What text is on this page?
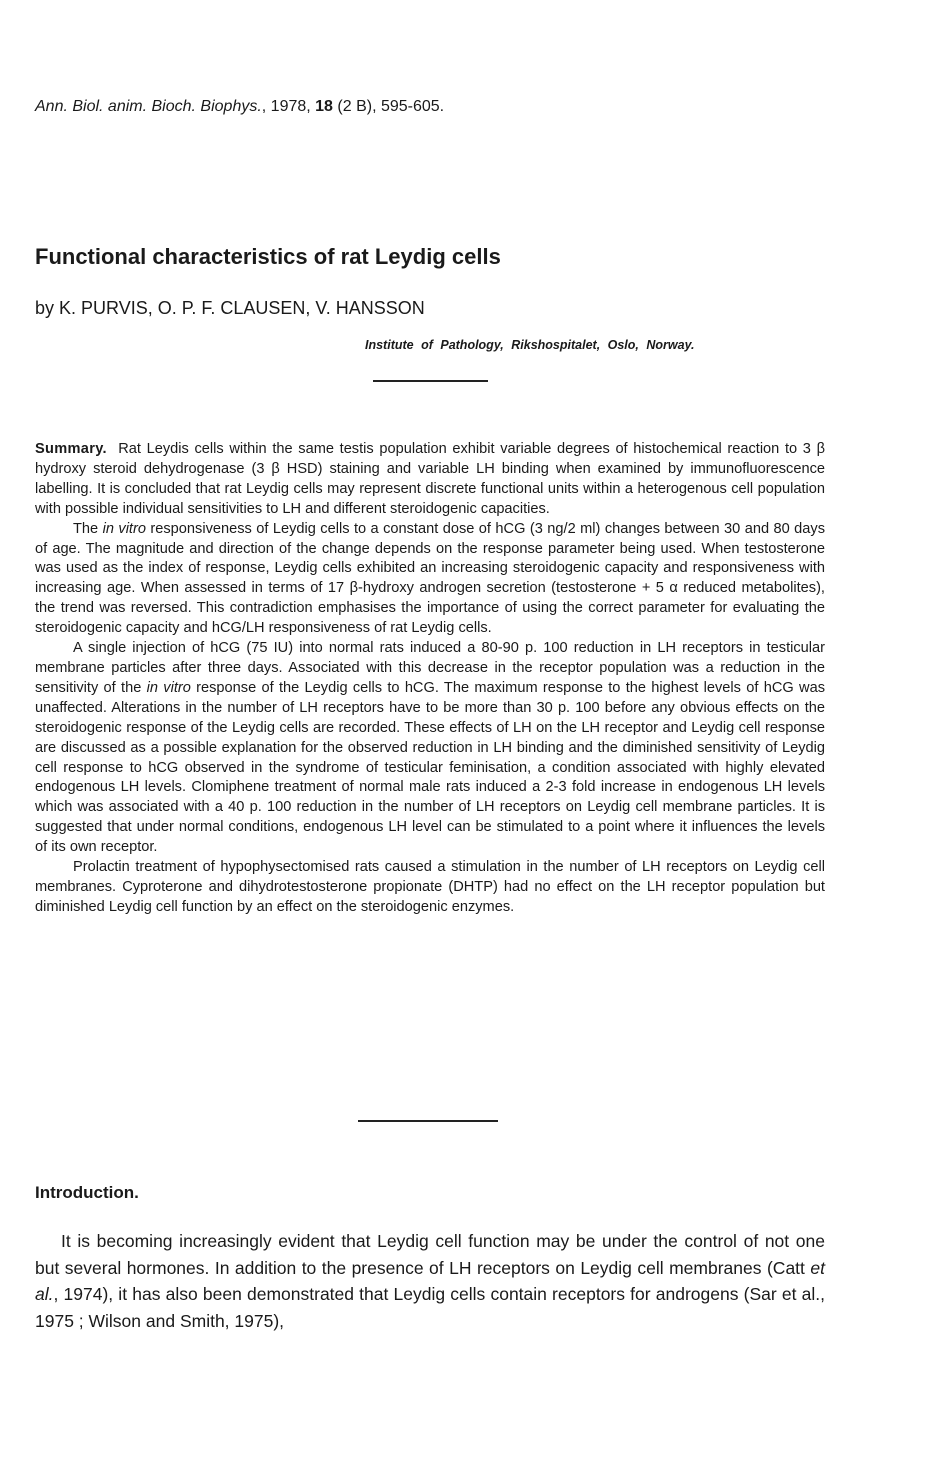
Ann. Biol. anim. Bioch. Biophys., 1978, 18 (2 B), 595-605.
Functional characteristics of rat Leydig cells
by K. PURVIS, O. P. F. CLAUSEN, V. HANSSON
Institute of Pathology, Rikshospitalet, Oslo, Norway.

Summary. Rat Leydis cells within the same testis population exhibit variable degrees of histochemical reaction to 3 β hydroxy steroid dehydrogenase (3 β HSD) staining and variable LH binding when examined by immunofluorescence labelling. It is concluded that rat Leydig cells may represent discrete functional units within a heterogenous cell population with possible individual sensitivities to LH and different steroidogenic capacities.

The in vitro responsiveness of Leydig cells to a constant dose of hCG (3 ng/2 ml) changes between 30 and 80 days of age. The magnitude and direction of the change depends on the response parameter being used. When testosterone was used as the index of response, Leydig cells exhibited an increasing steroidogenic capacity and responsiveness with increasing age. When assessed in terms of 17 β-hydroxy androgen secretion (testosterone + 5 α reduced metabolites), the trend was reversed. This contradiction emphasises the importance of using the correct parameter for evaluating the steroidogenic capacity and hCG/LH responsiveness of rat Leydig cells.

A single injection of hCG (75 IU) into normal rats induced a 80-90 p. 100 reduction in LH receptors in testicular membrane particles after three days. Associated with this decrease in the receptor population was a reduction in the sensitivity of the in vitro response of the Leydig cells to hCG. The maximum response to the highest levels of hCG was unaffected. Alterations in the number of LH receptors have to be more than 30 p. 100 before any obvious effects on the steroidogenic response of the Leydig cells are recorded. These effects of LH on the LH receptor and Leydig cell response are discussed as a possible explanation for the observed reduction in LH binding and the diminished sensitivity of Leydig cell response to hCG observed in the syndrome of testicular feminisation, a condition associated with highly elevated endogenous LH levels. Clomiphene treatment of normal male rats induced a 2-3 fold increase in endogenous LH levels which was associated with a 40 p. 100 reduction in the number of LH receptors on Leydig cell membrane particles. It is suggested that under normal conditions, endogenous LH level can be stimulated to a point where it influences the levels of its own receptor.

Prolactin treatment of hypophysectomised rats caused a stimulation in the number of LH receptors on Leydig cell membranes. Cyproterone and dihydrotestosterone propionate (DHTP) had no effect on the LH receptor population but diminished Leydig cell function by an effect on the steroidogenic enzymes.

Introduction.

It is becoming increasingly evident that Leydig cell function may be under the control of not one but several hormones. In addition to the presence of LH receptors on Leydig cell membranes (Catt et al., 1974), it has also been demonstrated that Leydig cells contain receptors for androgens (Sar et al., 1975 ; Wilson and Smith, 1975),
